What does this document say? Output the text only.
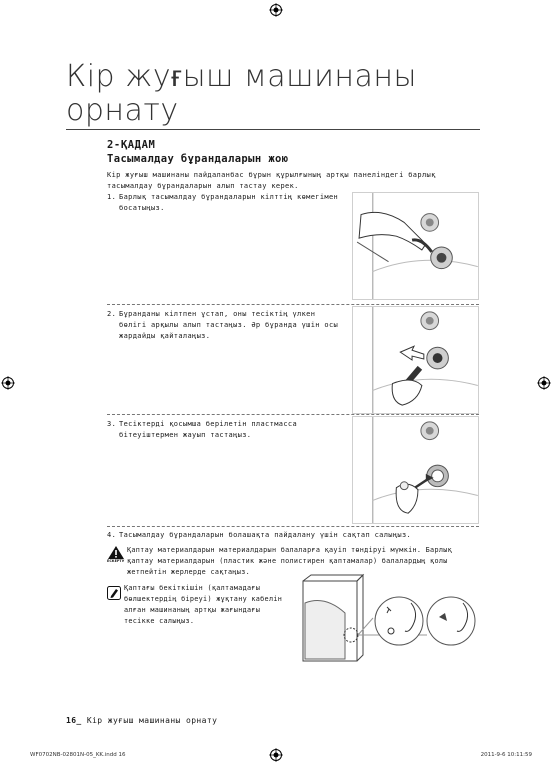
Кір жуғыш машинаны
орнату
2-ҚАДАМ
Тасымалдау бұрандаларын жою
Кір жуғыш машинаны пайдаланбас бұрын құрылғының артқы панеліндегі барлық тасымалдау бұрандаларын алып тастау керек.
1. Барлық тасымалдау бұрандаларын кілттің көмегімен босатыңыз.
2. Бұранданы кілтпен ұстап, оны тесіктің үлкен бөлігі арқылы алып тастаңыз. Әр бұранда үшін осы жардайды қайталаңыз.
3. Тесіктерді қосымша берілетін пластмасса бітеуіштермен жауып тастаңыз.
4. Тасымалдау бұрандаларын болашақта пайдалану үшін сақтап салыңыз.
ЕСКЕРТУ
Қаптау материалдарын материалдарын балаларға қауіп төндіруі мүмкін. Барлық қаптау материалдарын (пластик және полистирен қаптамалар) балалардың қолы жетпейтін жерлерде сақтаңыз.
Қаптағы бекіткішін (қалтамадағы бөлшектердің біреуі) жұқтану кабелін алған машинаның артқы жағындағы тесікке салыңыз.
16_ Кір жуғыш машинаны орнату
WF0702NB-02801N-05_KK.indd 16	2011-9-6 10:11:59
